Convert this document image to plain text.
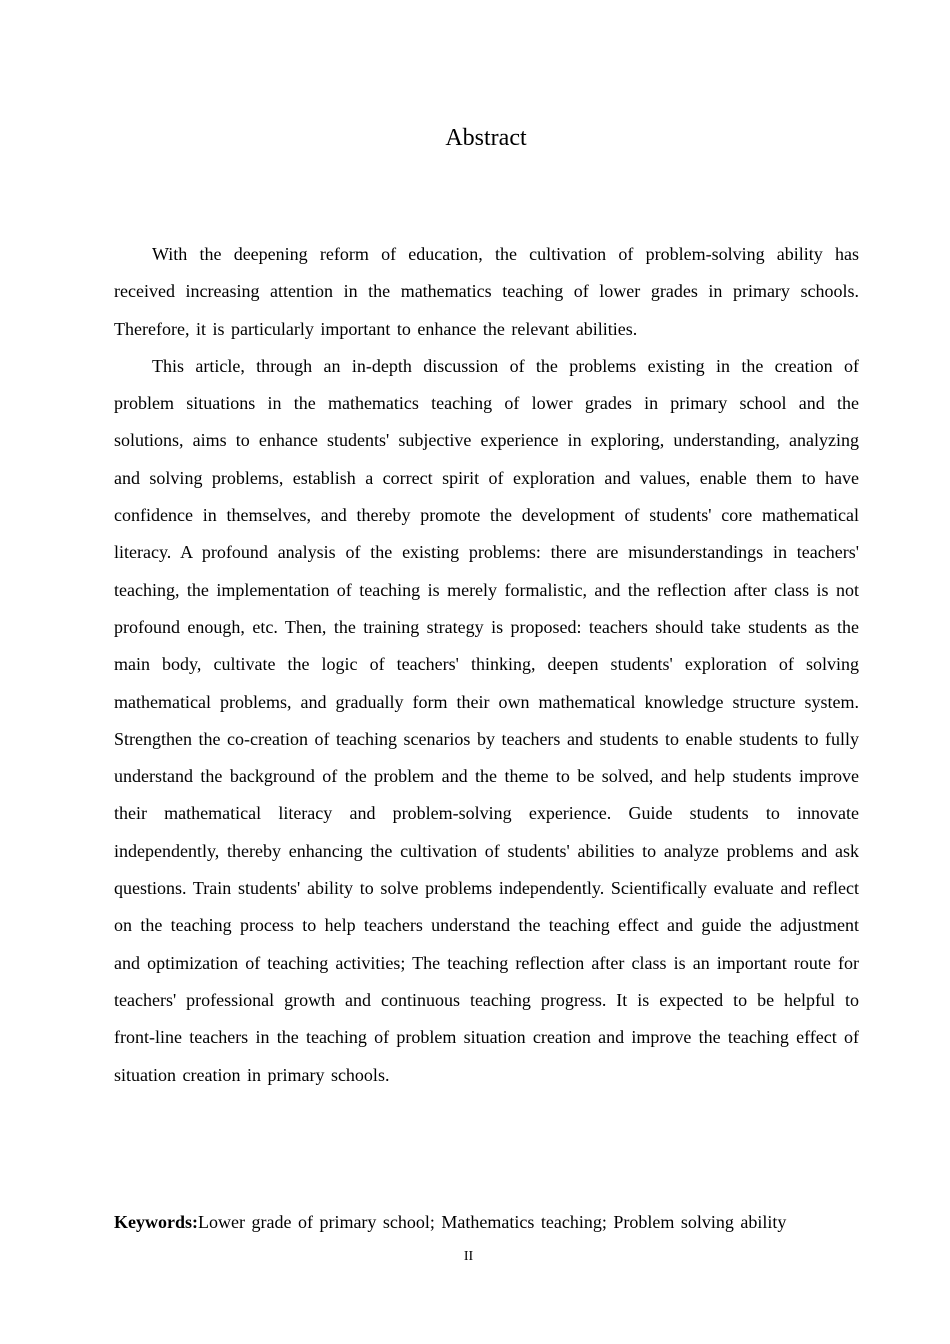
Abstract

With the deepening reform of education, the cultivation of problem-solving ability has received increasing attention in the mathematics teaching of lower grades in primary schools. Therefore, it is particularly important to enhance the relevant abilities.

This article, through an in-depth discussion of the problems existing in the creation of problem situations in the mathematics teaching of lower grades in primary school and the solutions, aims to enhance students' subjective experience in exploring, understanding, analyzing and solving problems, establish a correct spirit of exploration and values, enable them to have confidence in themselves, and thereby promote the development of students' core mathematical literacy. A profound analysis of the existing problems: there are misunderstandings in teachers' teaching, the implementation of teaching is merely formalistic, and the reflection after class is not profound enough, etc. Then, the training strategy is proposed: teachers should take students as the main body, cultivate the logic of teachers' thinking, deepen students' exploration of solving mathematical problems, and gradually form their own mathematical knowledge structure system. Strengthen the co-creation of teaching scenarios by teachers and students to enable students to fully understand the background of the problem and the theme to be solved, and help students improve their mathematical literacy and problem-solving experience. Guide students to innovate independently, thereby enhancing the cultivation of students' abilities to analyze problems and ask questions. Train students' ability to solve problems independently. Scientifically evaluate and reflect on the teaching process to help teachers understand the teaching effect and guide the adjustment and optimization of teaching activities; The teaching reflection after class is an important route for teachers' professional growth and continuous teaching progress. It is expected to be helpful to front-line teachers in the teaching of problem situation creation and improve the teaching effect of situation creation in primary schools.

Keywords:Lower grade of primary school; Mathematics teaching; Problem solving ability
II
